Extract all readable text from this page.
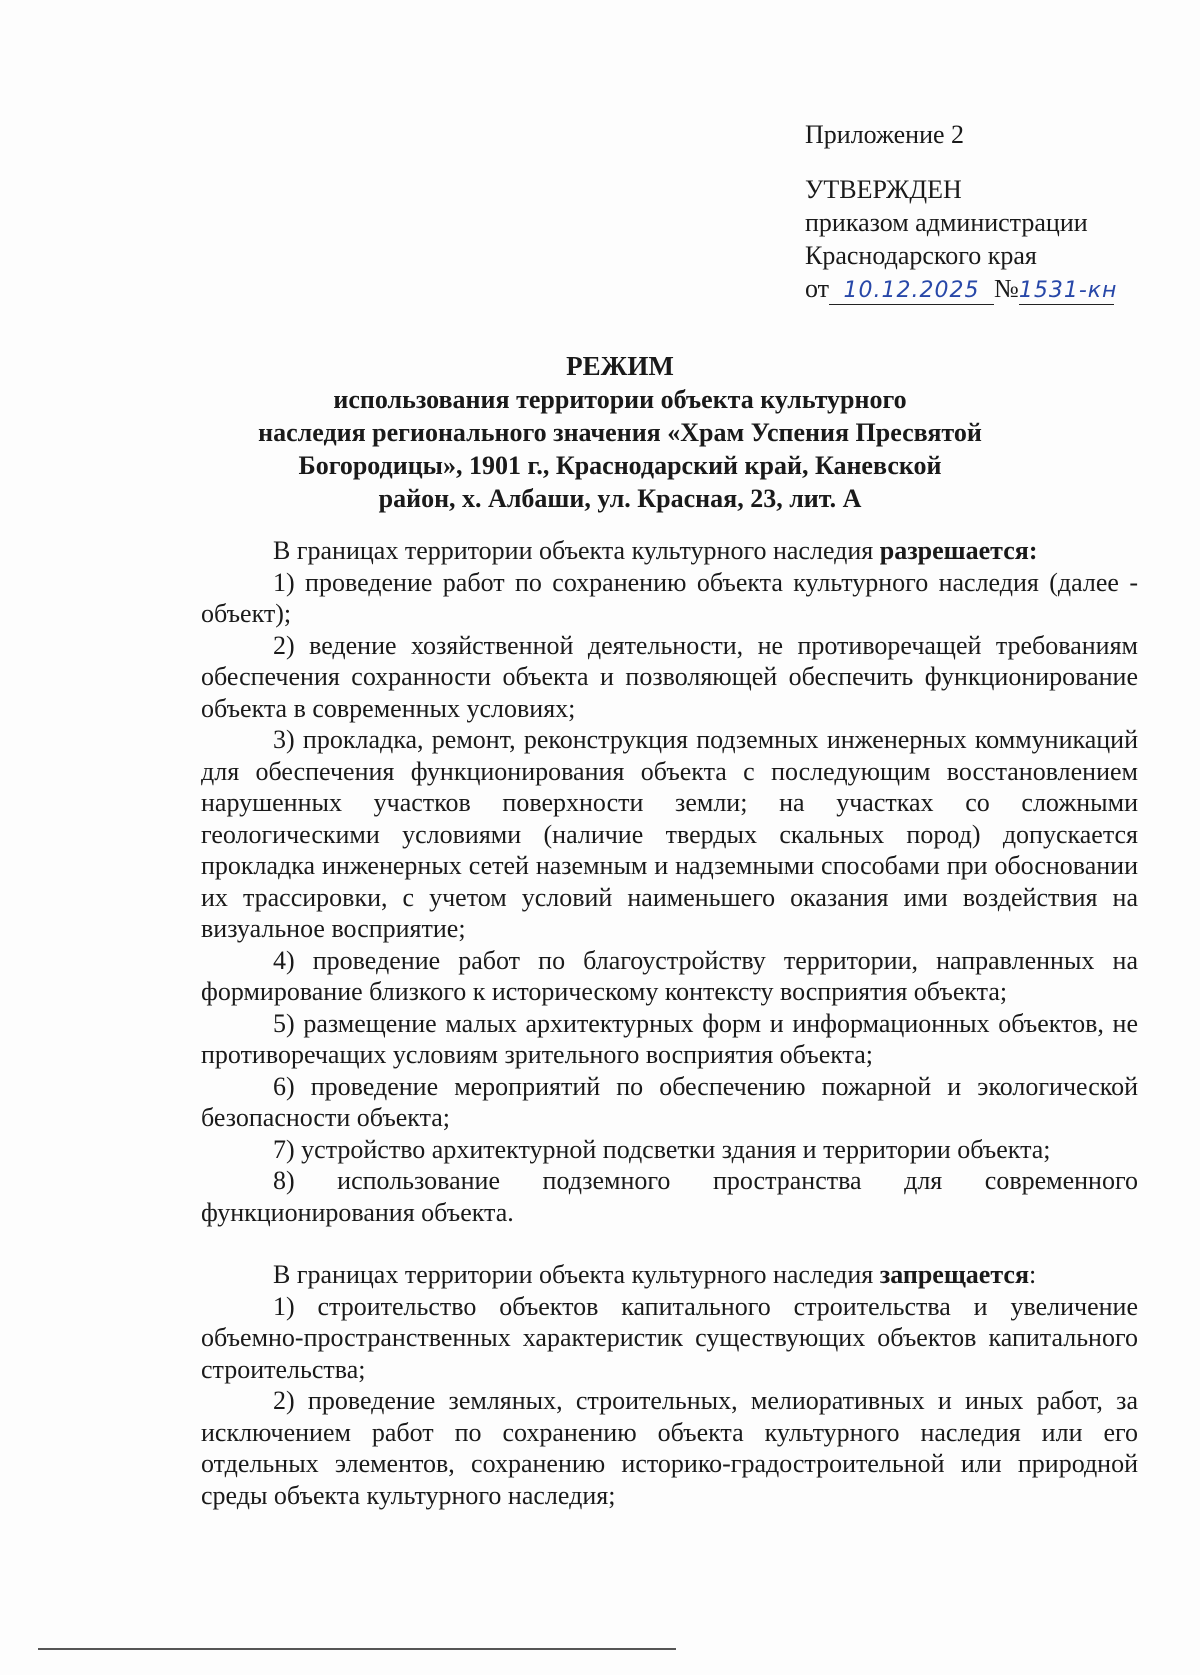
Приложение 2
УТВЕРЖДЕН
приказом администрации
Краснодарского края
от 10.12.2025 №1531-кн
РЕЖИМ
использования территории объекта культурного
наследия регионального значения «Храм Успения Пресвятой
Богородицы», 1901 г., Краснодарский край, Каневской
район, х. Албаши, ул. Красная, 23, лит. А

В границах территории объекта культурного наследия разрешается:

1) проведение работ по сохранению объекта культурного наследия (далее - объект);

2) ведение хозяйственной деятельности, не противоречащей требованиям обеспечения сохранности объекта и позволяющей обеспечить функционирование объекта в современных условиях;

3) прокладка, ремонт, реконструкция подземных инженерных коммуникаций для обеспечения функционирования объекта с последующим восстановлением нарушенных участков поверхности земли; на участках со сложными геологическими условиями (наличие твердых скальных пород) допускается прокладка инженерных сетей наземным и надземными способами при обосновании их трассировки, с учетом условий наименьшего оказания ими воздействия на визуальное восприятие;

4) проведение работ по благоустройству территории, направленных на формирование близкого к историческому контексту восприятия объекта;

5) размещение малых архитектурных форм и информационных объектов, не противоречащих условиям зрительного восприятия объекта;

6) проведение мероприятий по обеспечению пожарной и экологической безопасности объекта;

7) устройство архитектурной подсветки здания и территории объекта;

8) использование подземного пространства для современного функционирования объекта.

В границах территории объекта культурного наследия запрещается:

1) строительство объектов капитального строительства и увеличение объемно-пространственных характеристик существующих объектов капитального строительства;

2) проведение земляных, строительных, мелиоративных и иных работ, за исключением работ по сохранению объекта культурного наследия или его отдельных элементов, сохранению историко-градостроительной или природной среды объекта культурного наследия;
